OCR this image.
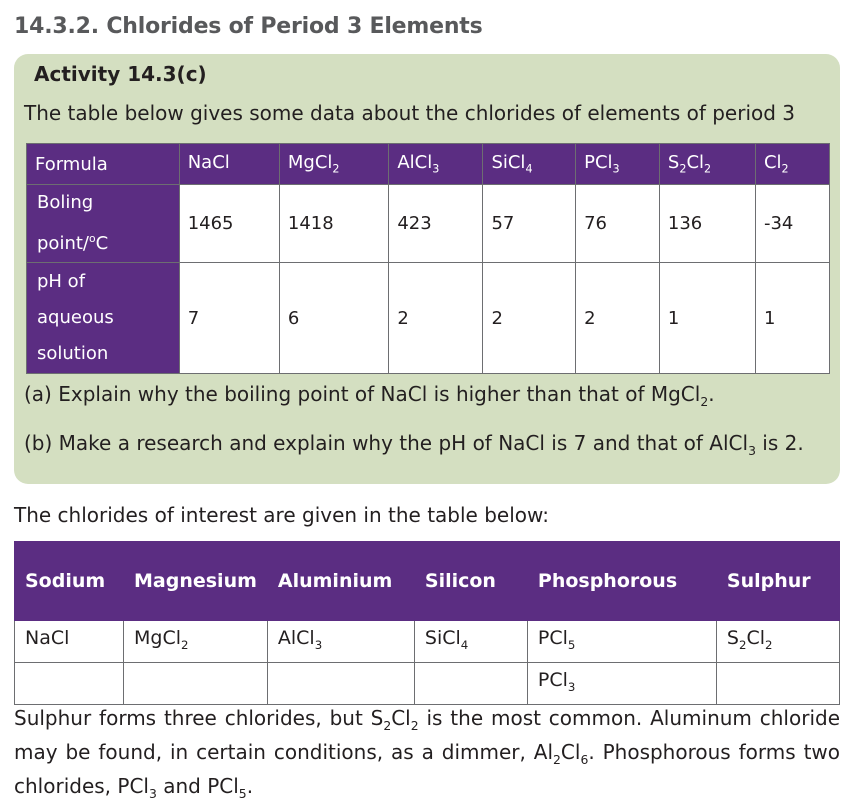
14.3.2. Chlorides of Period 3 Elements
Activity 14.3(c)

The table below gives some data about the chlorides of elements of period 3

Formula	NaCl	MgCl$_2$	AlCl$_3$	SiCl$_4$	PCl$_3$	$S_2Cl_2$	$Cl_2$
Boling
point/$^o$C	1465	1418	423	57	76	136	-34
pH of
aqueous
solution	7	6	2	2	2	1	1

(a) Explain why the boiling point of NaCl is higher than that of MgCl$_2$.

(b) Make a research and explain why the pH of NaCl is 7 and that of AlCl$_3$ is 2.

The chlorides of interest are given in the table below:

Sodium	Magnesium	Aluminium	Silicon	Phosphorous	Sulphur
NaCl	MgCl$_2$	AlCl$_3$	SiCl$_4$	PCl$_5$	$S_2Cl_2$
				PCl$_3$	

Sulphur forms three chlorides, but $S_2Cl_2$ is the most common. Aluminum chloride may be found, in certain conditions, as a dimmer, $Al_2Cl_6$. Phosphorous forms two chlorides, PCl$_3$ and PCl$_5$.
